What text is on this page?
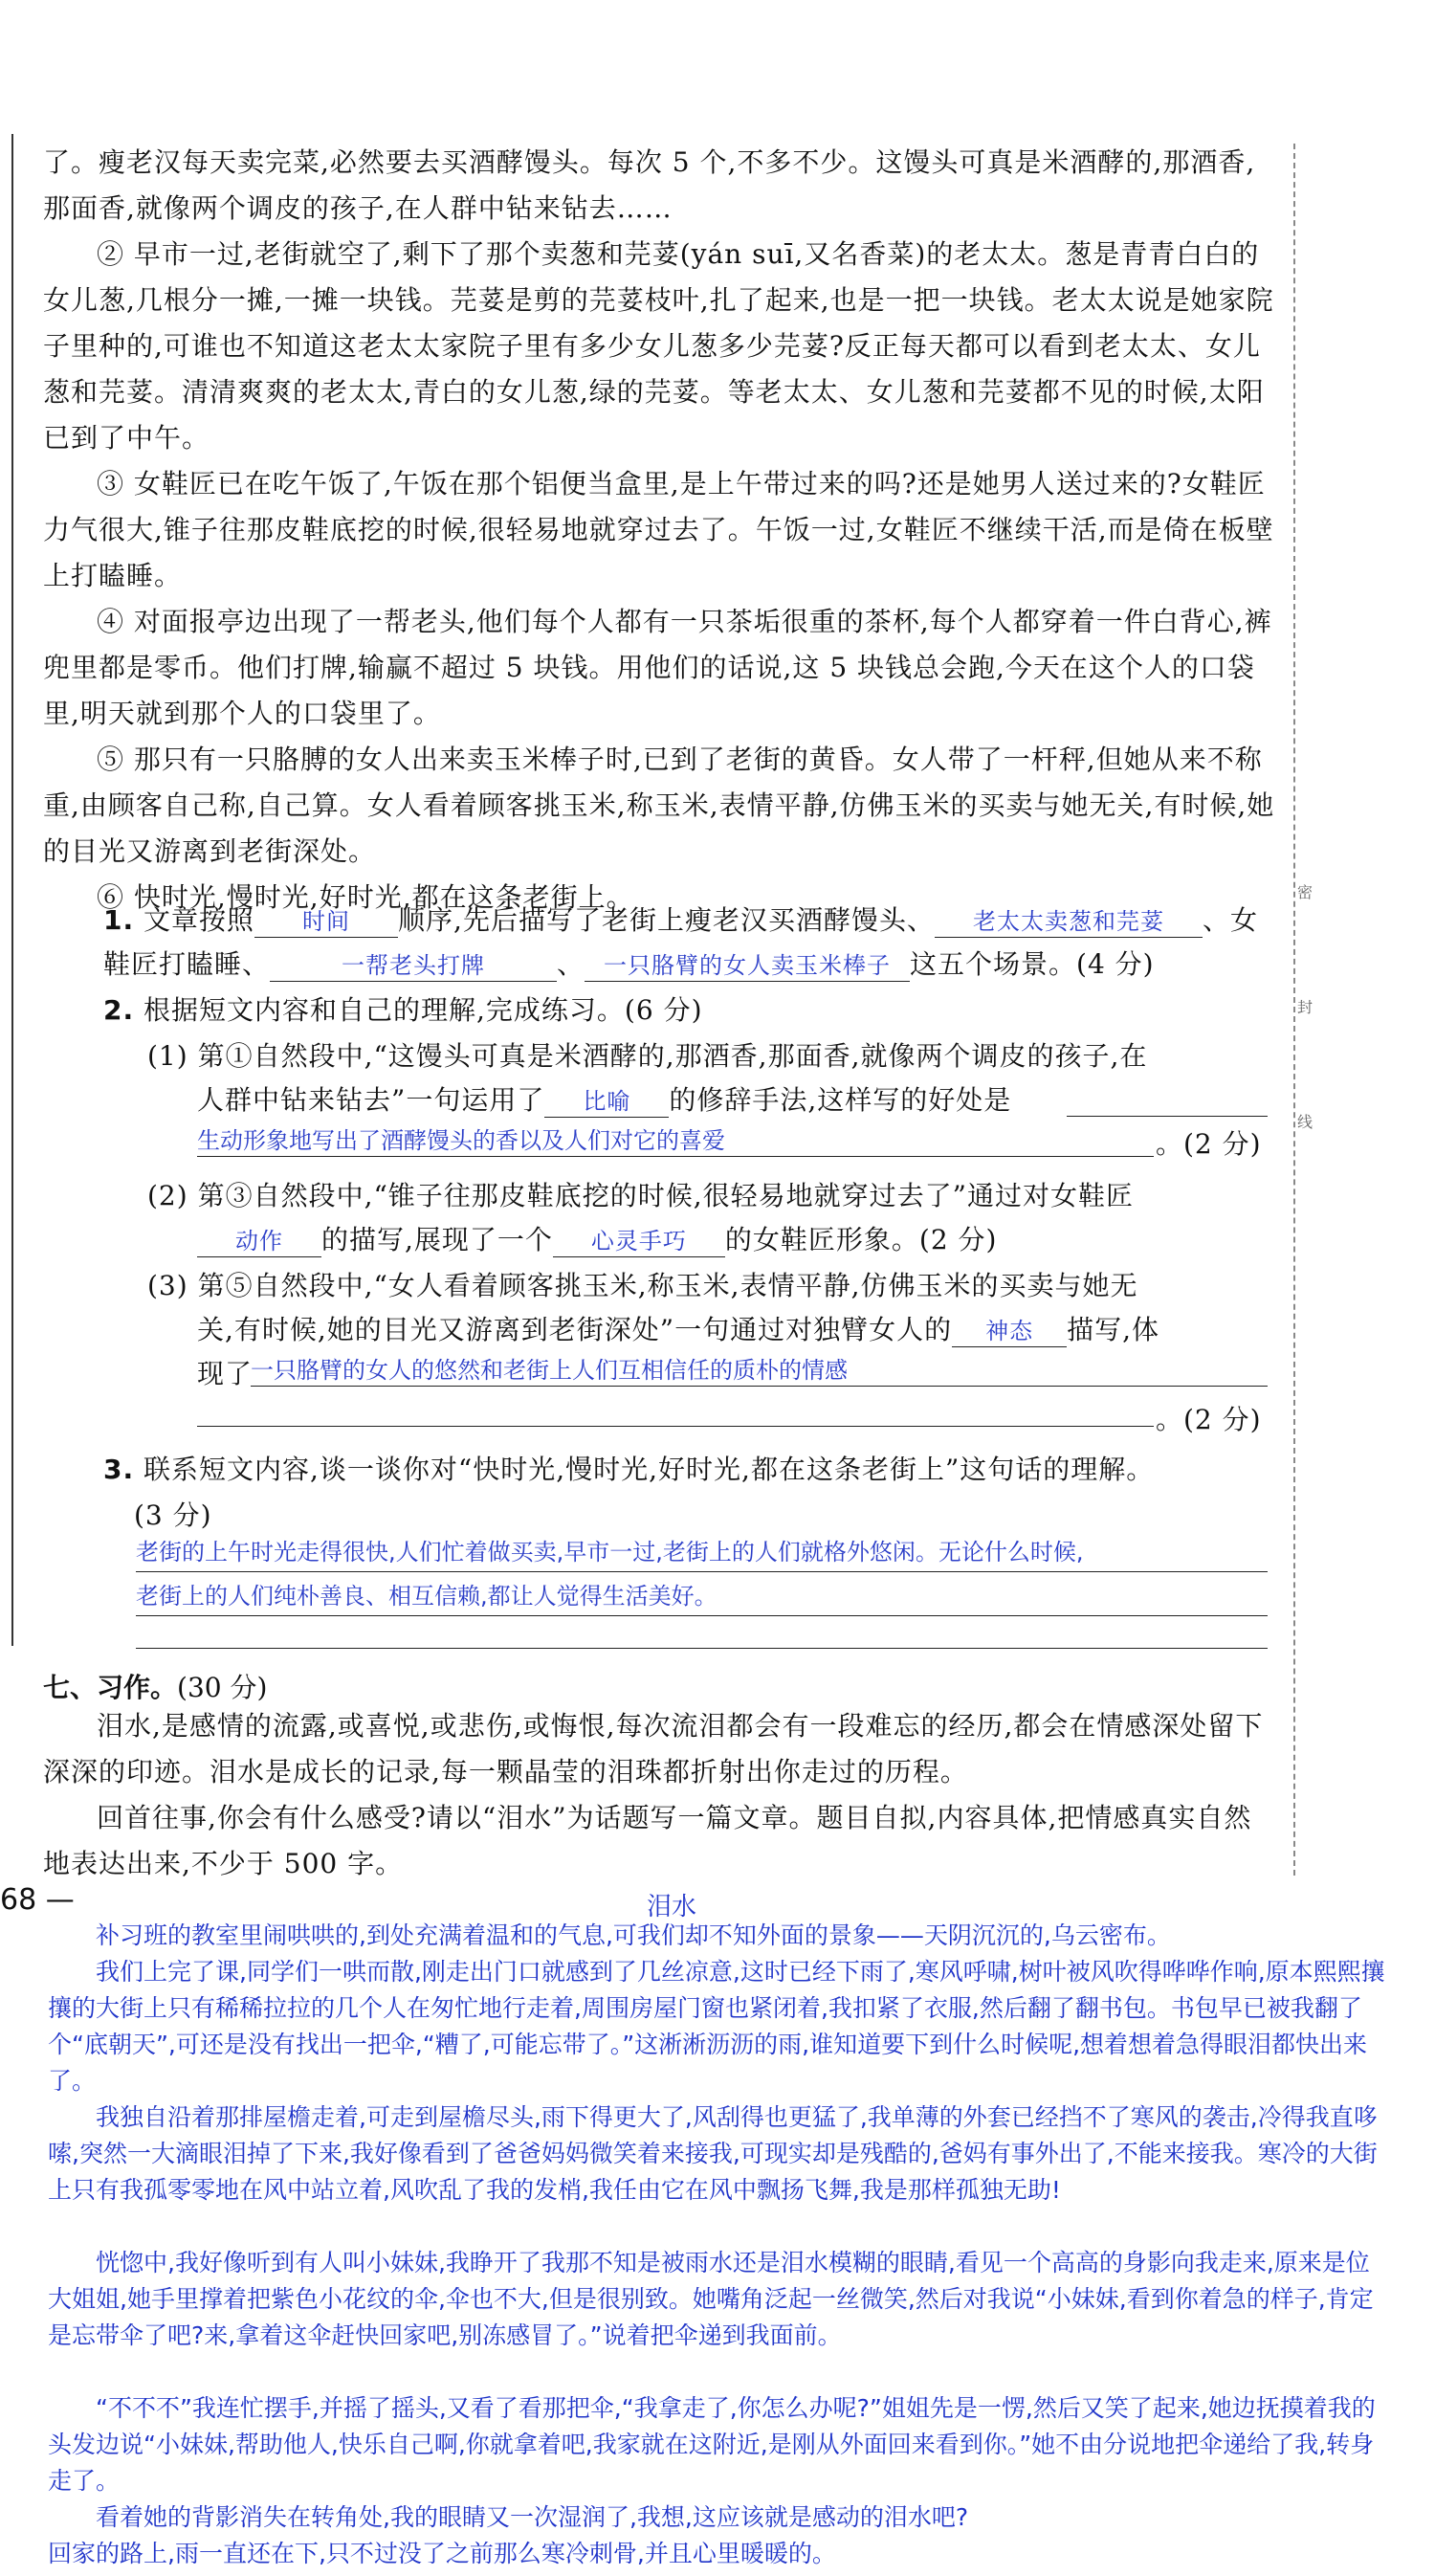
密
封
线

了。瘦老汉每天卖完菜,必然要去买酒酵馒头。每次 5 个,不多不少。这馒头可真是米酒酵的,那酒香,那面香,就像两个调皮的孩子,在人群中钻来钻去……

② 早市一过,老街就空了,剩下了那个卖葱和芫荽(yán suī,又名香菜)的老太太。葱是青青白白的女儿葱,几根分一摊,一摊一块钱。芫荽是剪的芫荽枝叶,扎了起来,也是一把一块钱。老太太说是她家院子里种的,可谁也不知道这老太太家院子里有多少女儿葱多少芫荽?反正每天都可以看到老太太、女儿葱和芫荽。清清爽爽的老太太,青白的女儿葱,绿的芫荽。等老太太、女儿葱和芫荽都不见的时候,太阳已到了中午。

③ 女鞋匠已在吃午饭了,午饭在那个铝便当盒里,是上午带过来的吗?还是她男人送过来的?女鞋匠力气很大,锥子往那皮鞋底挖的时候,很轻易地就穿过去了。午饭一过,女鞋匠不继续干活,而是倚在板壁上打瞌睡。

④ 对面报亭边出现了一帮老头,他们每个人都有一只茶垢很重的茶杯,每个人都穿着一件白背心,裤兜里都是零币。他们打牌,输赢不超过 5 块钱。用他们的话说,这 5 块钱总会跑,今天在这个人的口袋里,明天就到那个人的口袋里了。

⑤ 那只有一只胳膊的女人出来卖玉米棒子时,已到了老街的黄昏。女人带了一杆秤,但她从来不称重,由顾客自己称,自己算。女人看着顾客挑玉米,称玉米,表情平静,仿佛玉米的买卖与她无关,有时候,她的目光又游离到老街深处。

⑥ 快时光,慢时光,好时光,都在这条老街上。

1. 文章按照 时间 顺序,先后描写了老街上瘦老汉买酒酵馒头、 老太太卖葱和芫荽 、女
鞋匠打瞌睡、	一帮老头打牌	、 一只胳臂的女人卖玉米棒子 这五个场景。(4 分)
2. 根据短文内容和自己的理解,完成练习。(6 分)
(1) 第①自然段中,“这馒头可真是米酒酵的,那酒香,那面香,就像两个调皮的孩子,在
人群中钻来钻去”一句运用了 比喻 的修辞手法,这样写的好处是
生动形象地写出了酒酵馒头的香以及人们对它的喜爱	。(2 分)
(2) 第③自然段中,“锥子往那皮鞋底挖的时候,很轻易地就穿过去了”通过对女鞋匠
动作 的描写,展现了一个 心灵手巧 的女鞋匠形象。(2 分)
(3) 第⑤自然段中,“女人看着顾客挑玉米,称玉米,表情平静,仿佛玉米的买卖与她无
关,有时候,她的目光又游离到老街深处”一句通过对独臂女人的 神态 描写,体
现了
一只胳臂的女人的悠然和老街上人们互相信任的质朴的情感
。(2 分)
3. 联系短文内容,谈一谈你对“快时光,慢时光,好时光,都在这条老街上”这句话的理解。
(3 分)
老街的上午时光走得很快,人们忙着做买卖,早市一过,老街上的人们就格外悠闲。无论什么时候,
老街上的人们纯朴善良、相互信赖,都让人觉得生活美好。
七、习作。(30 分)

泪水,是感情的流露,或喜悦,或悲伤,或悔恨,每次流泪都会有一段难忘的经历,都会在情感深处留下深深的印迹。泪水是成长的记录,每一颗晶莹的泪珠都折射出你走过的历程。

回首往事,你会有什么感受?请以“泪水”为话题写一篇文章。题目自拟,内容具体,把情感真实自然地表达出来,不少于 500 字。

68 —	泪水

补习班的教室里闹哄哄的,到处充满着温和的气息,可我们却不知外面的景象——天阴沉沉的,乌云密布。

我们上完了课,同学们一哄而散,刚走出门口就感到了几丝凉意,这时已经下雨了,寒风呼啸,树叶被风吹得哗哗作响,原本熙熙攘攘的大街上只有稀稀拉拉的几个人在匆忙地行走着,周围房屋门窗也紧闭着,我扣紧了衣服,然后翻了翻书包。书包早已被我翻了个“底朝天”,可还是没有找出一把伞,“糟了,可能忘带了。”这淅淅沥沥的雨,谁知道要下到什么时候呢,想着想着急得眼泪都快出来了。

我独自沿着那排屋檐走着,可走到屋檐尽头,雨下得更大了,风刮得也更猛了,我单薄的外套已经挡不了寒风的袭击,冷得我直哆嗦,突然一大滴眼泪掉了下来,我好像看到了爸爸妈妈微笑着来接我,可现实却是残酷的,爸妈有事外出了,不能来接我。寒冷的大街上只有我孤零零地在风中站立着,风吹乱了我的发梢,我任由它在风中飘扬飞舞,我是那样孤独无助!

恍惚中,我好像听到有人叫小妹妹,我睁开了我那不知是被雨水还是泪水模糊的眼睛,看见一个高高的身影向我走来,原来是位大姐姐,她手里撑着把紫色小花纹的伞,伞也不大,但是很别致。她嘴角泛起一丝微笑,然后对我说“小妹妹,看到你着急的样子,肯定是忘带伞了吧?来,拿着这伞赶快回家吧,别冻感冒了。”说着把伞递到我面前。

“不不不”我连忙摆手,并摇了摇头,又看了看那把伞,“我拿走了,你怎么办呢?”姐姐先是一愣,然后又笑了起来,她边抚摸着我的头发边说“小妹妹,帮助他人,快乐自己啊,你就拿着吧,我家就在这附近,是刚从外面回来看到你。”她不由分说地把伞递给了我,转身走了。

看着她的背影消失在转角处,我的眼睛又一次湿润了,我想,这应该就是感动的泪水吧?

回家的路上,雨一直还在下,只不过没了之前那么寒冷刺骨,并且心里暖暖的。
